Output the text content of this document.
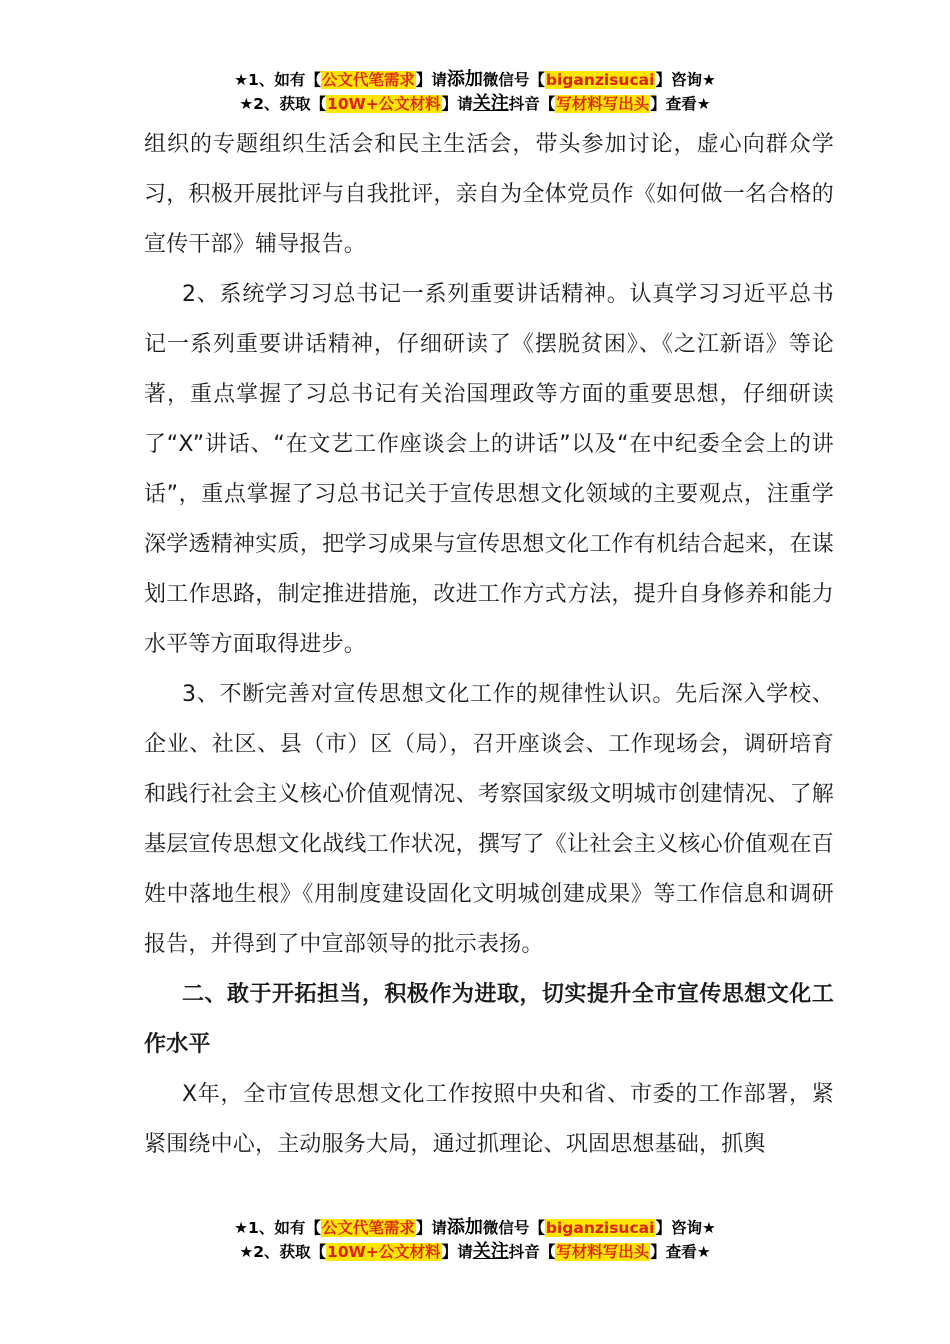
★1、如有【公文代笔需求】请添加微信号【biganzisucai】咨询★
★2、获取【10W+公文材料】请关注抖音【写材料写出头】查看★

组织的专题组织生活会和民主生活会，带头参加讨论，虚心向群众学习，积极开展批评与自我批评，亲自为全体党员作《如何做一名合格的宣传干部》辅导报告。

2、系统学习习总书记一系列重要讲话精神。认真学习习近平总书记一系列重要讲话精神，仔细研读了《摆脱贫困》、《之江新语》等论著，重点掌握了习总书记有关治国理政等方面的重要思想，仔细研读了“X”讲话、“在文艺工作座谈会上的讲话”以及“在中纪委全会上的讲话”，重点掌握了习总书记关于宣传思想文化领域的主要观点，注重学深学透精神实质，把学习成果与宣传思想文化工作有机结合起来，在谋划工作思路，制定推进措施，改进工作方式方法，提升自身修养和能力水平等方面取得进步。

3、不断完善对宣传思想文化工作的规律性认识。先后深入学校、企业、社区、县（市）区（局），召开座谈会、工作现场会，调研培育和践行社会主义核心价值观情况、考察国家级文明城市创建情况、了解基层宣传思想文化战线工作状况，撰写了《让社会主义核心价值观在百姓中落地生根》《用制度建设固化文明城创建成果》等工作信息和调研报告，并得到了中宣部领导的批示表扬。

二、敢于开拓担当，积极作为进取，切实提升全市宣传思想文化工作水平

X年，全市宣传思想文化工作按照中央和省、市委的工作部署，紧紧围绕中心，主动服务大局，通过抓理论、巩固思想基础，抓舆

★1、如有【公文代笔需求】请添加微信号【biganzisucai】咨询★
★2、获取【10W+公文材料】请关注抖音【写材料写出头】查看★
